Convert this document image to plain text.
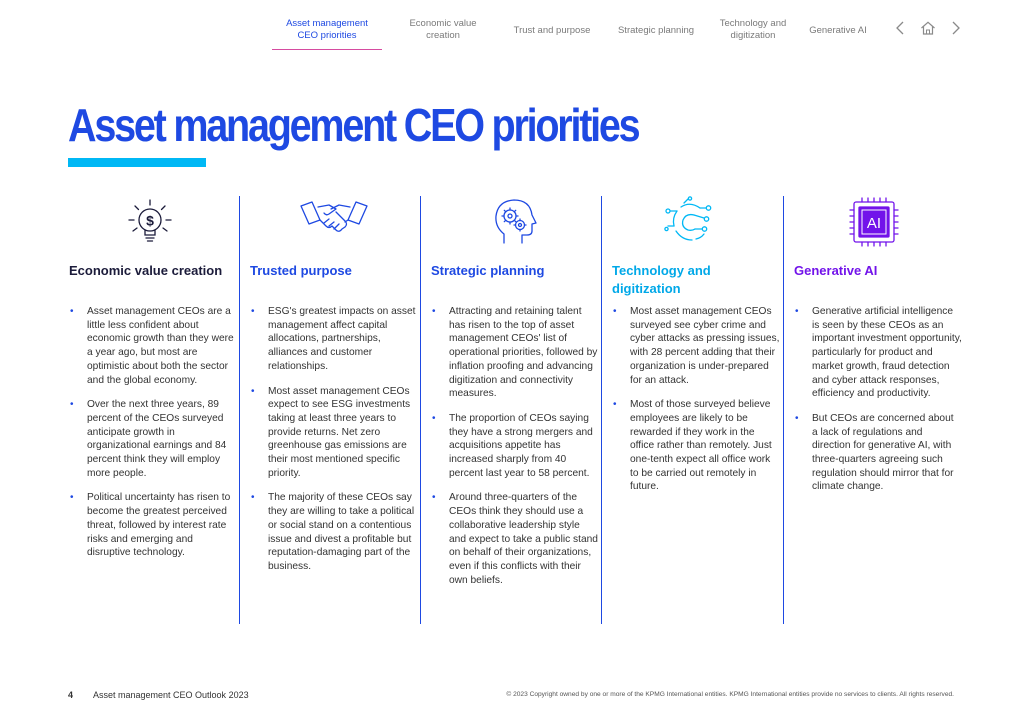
Asset management
CEO priorities
Economic value
creation	Trust and purpose	Strategic planning
Technology and
digitization	Generative AI
Asset management CEO priorities
$
Economic value creation
• Asset management CEOs are a little less confident about economic growth than they were a year ago, but most are optimistic about both the sector and the global economy.
• Over the next three years, 89 percent of the CEOs surveyed anticipate growth in organizational earnings and 84 percent think they will employ more people.
• Political uncertainty has risen to become the greatest perceived threat, followed by interest rate risks and emerging and disruptive technology.
Trusted purpose
• ESG's greatest impacts on asset management affect capital allocations, partnerships, alliances and customer relationships.
• Most asset management CEOs expect to see ESG investments taking at least three years to provide returns. Net zero greenhouse gas emissions are their most mentioned specific priority.
• The majority of these CEOs say they are willing to take a political or social stand on a contentious issue and divest a profitable but reputation-damaging part of the business.
Strategic planning
• Attracting and retaining talent has risen to the top of asset management CEOs' list of operational priorities, followed by inflation proofing and advancing digitization and connectivity measures.
• The proportion of CEOs saying they have a strong mergers and acquisitions appetite has increased sharply from 40 percent last year to 58 percent.
• Around three-quarters of the CEOs think they should use a collaborative leadership style and expect to take a public stand on behalf of their organizations, even if this conflicts with their own beliefs.
Technology and digitization
• Most asset management CEOs surveyed see cyber crime and cyber attacks as pressing issues, with 28 percent adding that their organization is under-prepared for an attack.
• Most of those surveyed believe employees are likely to be rewarded if they work in the office rather than remotely. Just one-tenth expect all office work to be carried out remotely in future.
AI
Generative AI
• Generative artificial intelligence is seen by these CEOs as an important investment opportunity, particularly for product and market growth, fraud detection and cyber attack responses, efficiency and productivity.
• But CEOs are concerned about a lack of regulations and direction for generative AI, with three-quarters agreeing such regulation should mirror that for climate change.
4 Asset management CEO Outlook 2023	© 2023 Copyright owned by one or more of the KPMG International entities. KPMG International entities provide no services to clients. All rights reserved.
